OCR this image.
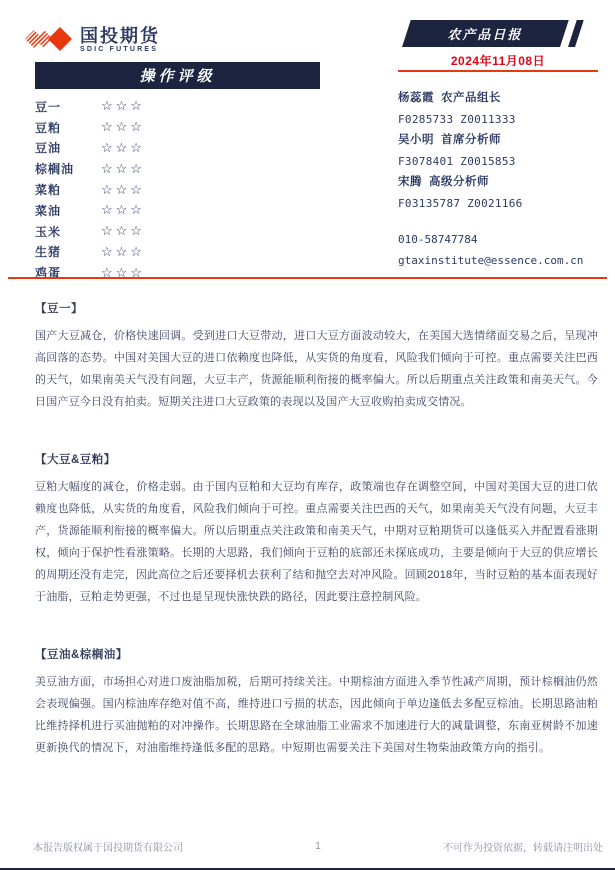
国投期货
SDIC FUTURES
农产品日报
2024年11月08日
操作评级
豆一	☆☆☆
豆粕	☆☆☆
豆油	☆☆☆
棕榈油	☆☆☆
菜粕	☆☆☆
菜油	☆☆☆
玉米	☆☆☆
生猪	☆☆☆
鸡蛋	☆☆☆
杨蕊霞 农产品组长
F0285733 Z0011333
吴小明 首席分析师
F3078401 Z0015853
宋腾 高级分析师
F03135787 Z0021166
010-58747784
gtaxinstitute@essence.com.cn
【豆一】
国产大豆减仓，价格快速回调。受到进口大豆带动，进口大豆方面波动较大，在美国大选情绪面交易之后，呈现冲高回落的态势。中国对美国大豆的进口依赖度也降低，从实货的角度看，风险我们倾向于可控。重点需要关注巴西的天气，如果南美天气没有问题，大豆丰产，货源能顺利衔接的概率偏大。所以后期重点关注政策和南美天气。今日国产豆今日没有拍卖。短期关注进口大豆政策的表现以及国产大豆收购拍卖成交情况。
【大豆&豆粕】
豆粕大幅度的减仓，价格走弱。由于国内豆粕和大豆均有库存，政策端也存在调整空间，中国对美国大豆的进口依赖度也降低，从实货的角度看，风险我们倾向于可控。重点需要关注巴西的天气，如果南美天气没有问题，大豆丰产，货源能顺利衔接的概率偏大。所以后期重点关注政策和南美天气，中期对豆粕期货可以逢低买入并配置看涨期权，倾向于保护性看涨策略。长期的大思路，我们倾向于豆粕的底部还未探底成功，主要是倾向于大豆的供应增长的周期还没有走完，因此高位之后还要择机去获利了结和抛空去对冲风险。回顾2018年，当时豆粕的基本面表现好于油脂，豆粕走势更强，不过也是呈现快涨快跌的路径，因此要注意控制风险。
【豆油&棕榈油】
美豆油方面，市场担心对进口废油脂加税，后期可持续关注。中期棕油方面进入季节性减产周期，预计棕榈油仍然会表现偏强。国内棕油库存绝对值不高，维持进口亏损的状态，因此倾向于单边逢低去多配豆棕油。长期思路油粕比维持择机进行买油抛粕的对冲操作。长期思路在全球油脂工业需求不加速进行大的减量调整，东南亚树龄不加速更新换代的情况下，对油脂维持逢低多配的思路。中短期也需要关注下美国对生物柴油政策方向的指引。
本报告版权属于国投期货有限公司	1	不可作为投资依据，转载请注明出处
